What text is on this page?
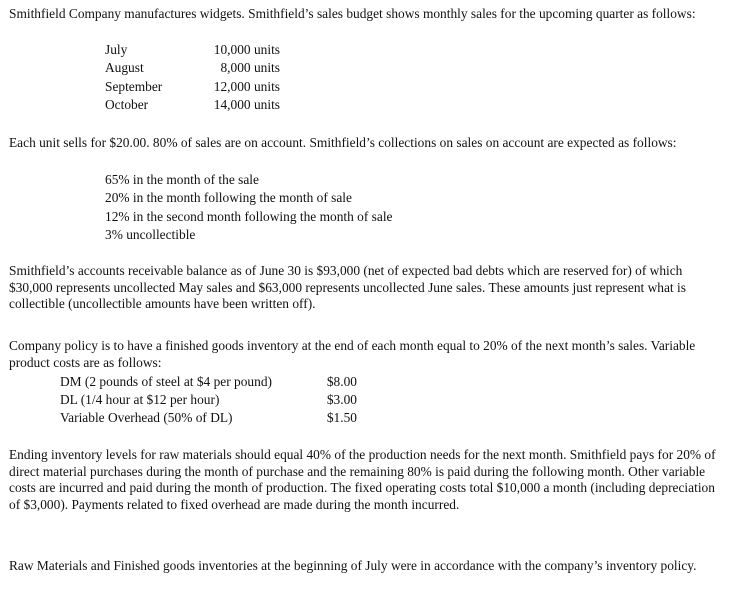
Smithfield Company manufactures widgets. Smithfield’s sales budget shows monthly sales for the upcoming quarter as follows:

July	10,000 units
August	8,000 units
September	12,000 units
October	14,000 units

Each unit sells for $20.00. 80% of sales are on account. Smithfield’s collections on sales on account are expected as follows:

65% in the month of the sale
20% in the month following the month of sale
12% in the second month following the month of sale
3% uncollectible

Smithfield’s accounts receivable balance as of June 30 is $93,000 (net of expected bad debts which are reserved for) of which $30,000 represents uncollected May sales and $63,000 represents uncollected June sales. These amounts just represent what is collectible (uncollectible amounts have been written off).

Company policy is to have a finished goods inventory at the end of each month equal to 20% of the next month’s sales. Variable product costs are as follows:

DM (2 pounds of steel at $4 per pound)	$8.00
DL (1/4 hour at $12 per hour)	$3.00
Variable Overhead (50% of DL)	$1.50

Ending inventory levels for raw materials should equal 40% of the production needs for the next month. Smithfield pays for 20% of direct material purchases during the month of purchase and the remaining 80% is paid during the following month. Other variable costs are incurred and paid during the month of production. The fixed operating costs total $10,000 a month (including depreciation of $3,000). Payments related to fixed overhead are made during the month incurred.

Raw Materials and Finished goods inventories at the beginning of July were in accordance with the company’s inventory policy.
